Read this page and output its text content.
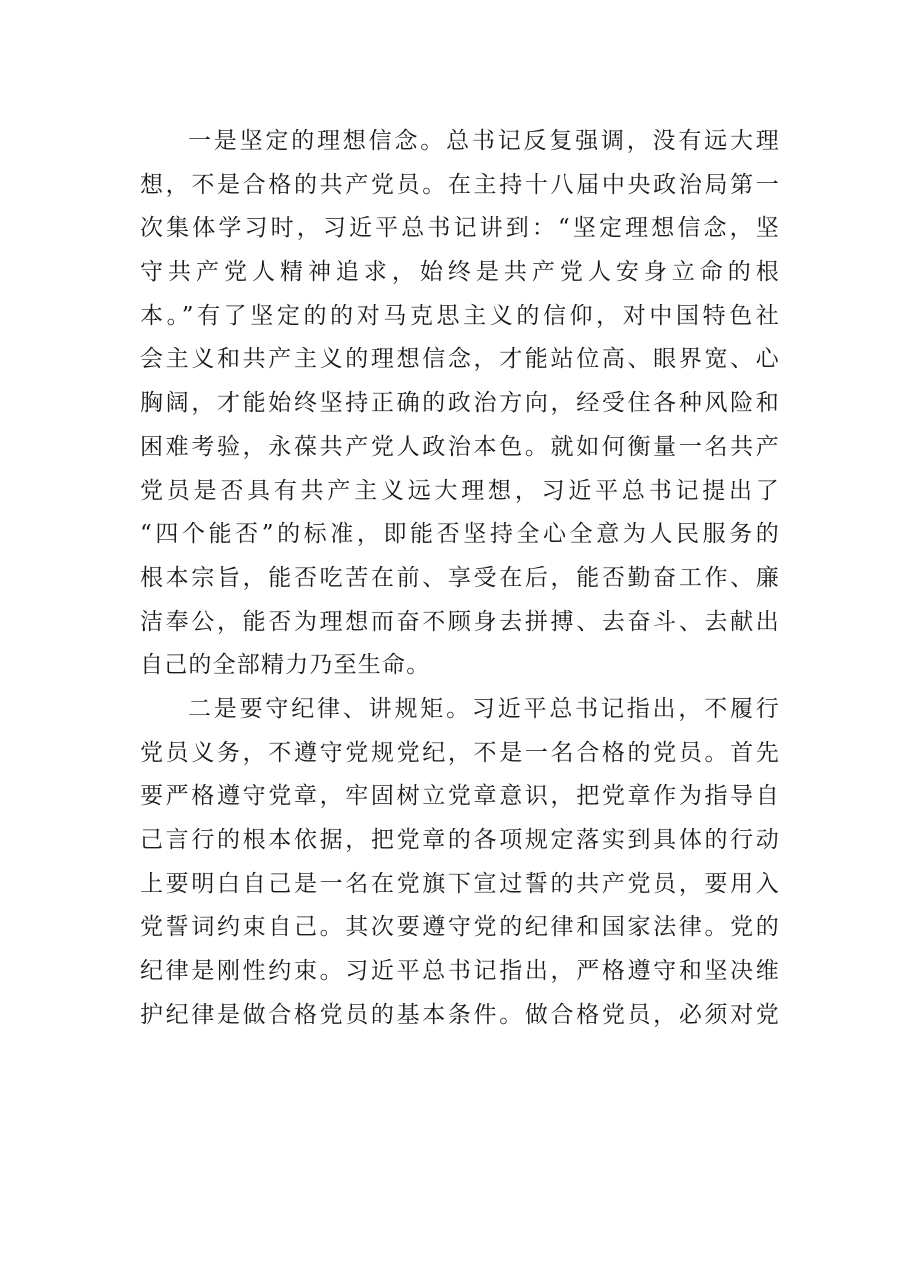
一是坚定的理想信念。总书记反复强调，没有远大理
想，不是合格的共产党员。在主持十八届中央政治局第一
次集体学习时，习近平总书记讲到：“坚定理想信念，坚
守共产党人精神追求，始终是共产党人安身立命的根
本。”有了坚定的的对马克思主义的信仰，对中国特色社
会主义和共产主义的理想信念，才能站位高、眼界宽、心
胸阔，才能始终坚持正确的政治方向，经受住各种风险和
困难考验，永葆共产党人政治本色。就如何衡量一名共产
党员是否具有共产主义远大理想，习近平总书记提出了
“四个能否”的标准，即能否坚持全心全意为人民服务的
根本宗旨，能否吃苦在前、享受在后，能否勤奋工作、廉
洁奉公，能否为理想而奋不顾身去拼搏、去奋斗、去献出
自己的全部精力乃至生命。
二是要守纪律、讲规矩。习近平总书记指出，不履行
党员义务，不遵守党规党纪，不是一名合格的党员。首先
要严格遵守党章，牢固树立党章意识，把党章作为指导自
己言行的根本依据，把党章的各项规定落实到具体的行动
上要明白自己是一名在党旗下宣过誓的共产党员，要用入
党誓词约束自己。其次要遵守党的纪律和国家法律。党的
纪律是刚性约束。习近平总书记指出，严格遵守和坚决维
护纪律是做合格党员的基本条件。做合格党员，必须对党
